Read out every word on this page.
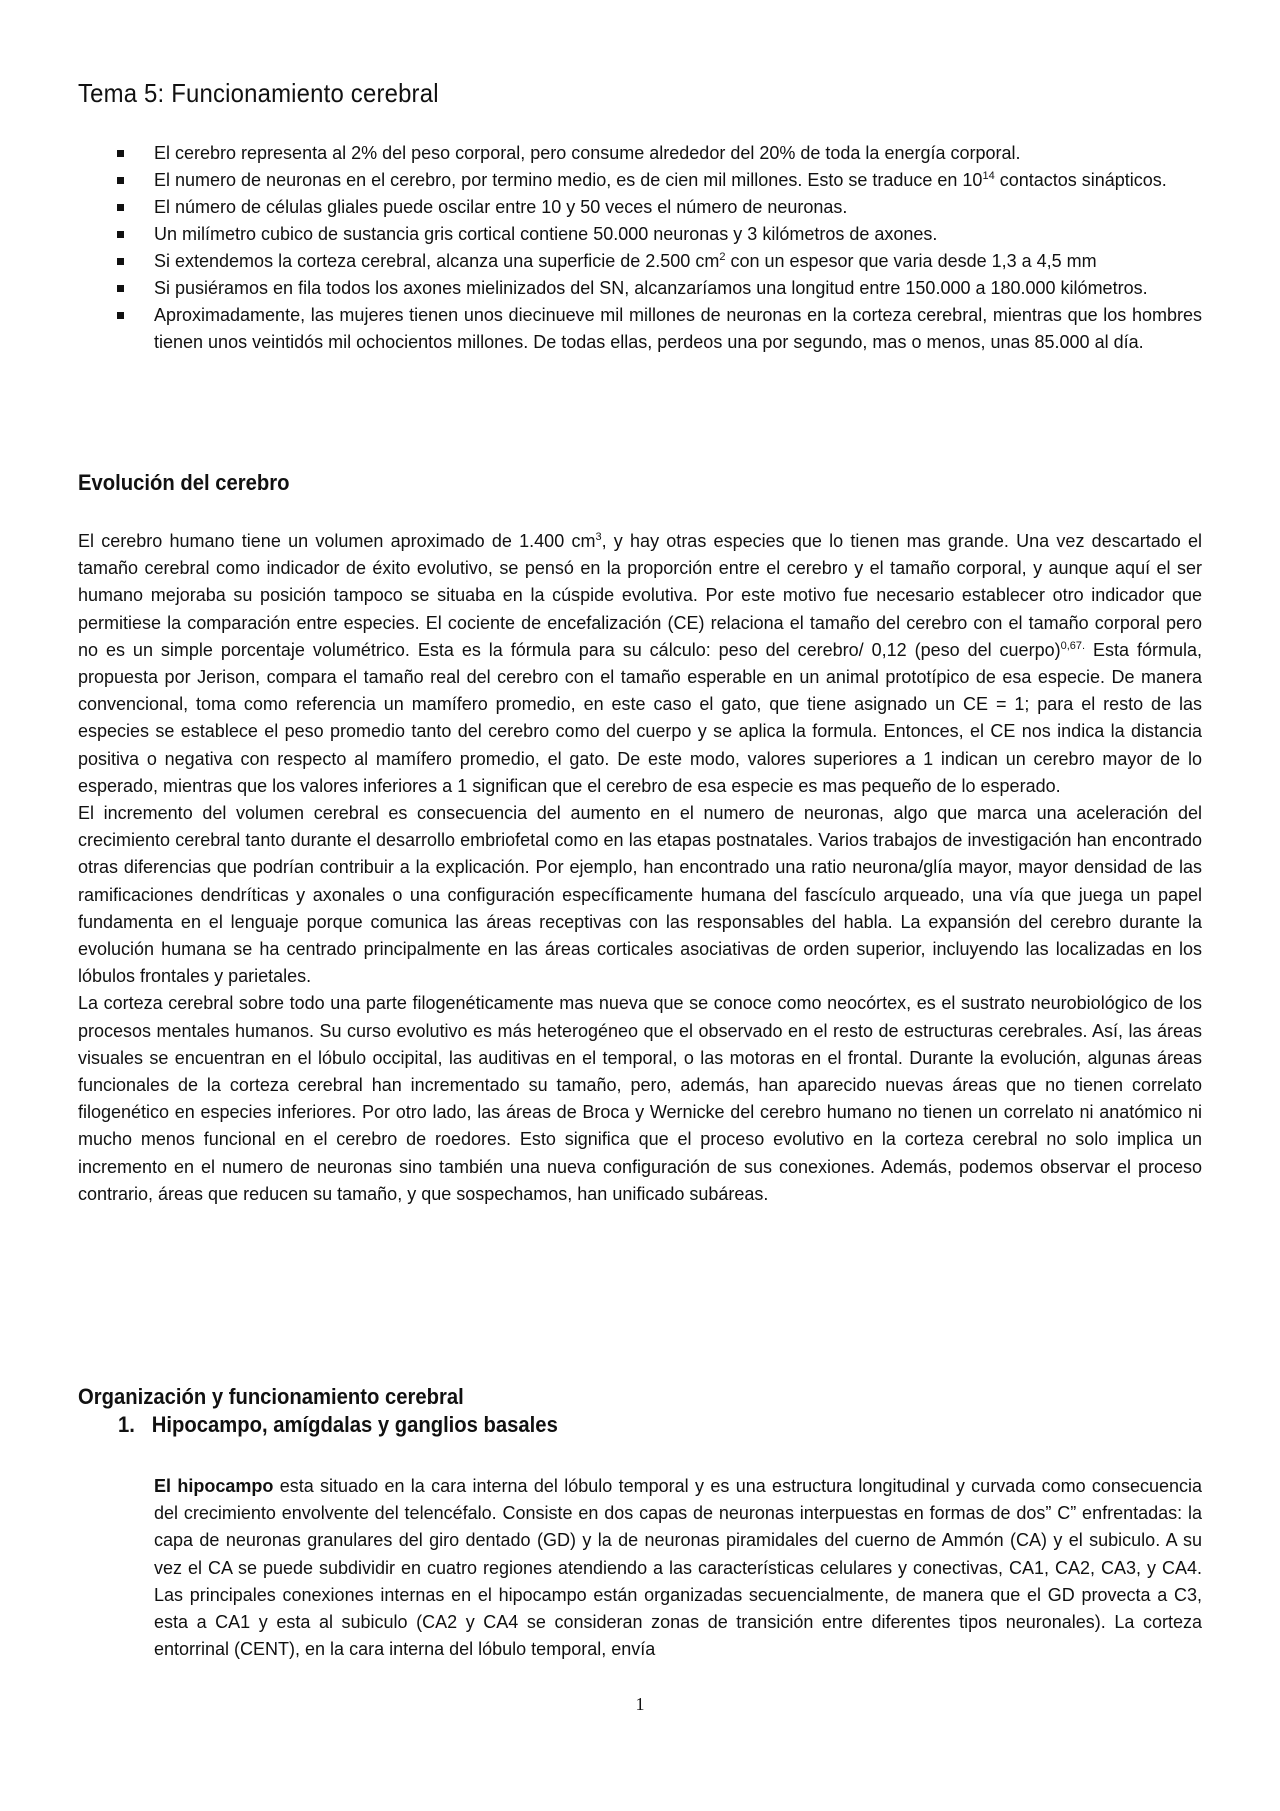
Tema 5: Funcionamiento cerebral
El cerebro representa al 2% del peso corporal, pero consume alrededor del 20% de toda la energía corporal.
El numero de neuronas en el cerebro, por termino medio, es de cien mil millones. Esto se traduce en $10^{14}$ contactos sinápticos.
El número de células gliales puede oscilar entre 10 y 50 veces el número de neuronas.
Un milímetro cubico de sustancia gris cortical contiene 50.000 neuronas y 3 kilómetros de axones.
Si extendemos la corteza cerebral, alcanza una superficie de 2.500 $cm^2$ con un espesor que varia desde 1,3 a 4,5 mm
Si pusiéramos en fila todos los axones mielinizados del SN, alcanzaríamos una longitud entre 150.000 a 180.000 kilómetros.
Aproximadamente, las mujeres tienen unos diecinueve mil millones de neuronas en la corteza cerebral, mientras que los hombres tienen unos veintidós mil ochocientos millones. De todas ellas, perdeos una por segundo, mas o menos, unas 85.000 al día.
Evolución del cerebro

El cerebro humano tiene un volumen aproximado de 1.400 $cm^3$, y hay otras especies que lo tienen mas grande. Una vez descartado el tamaño cerebral como indicador de éxito evolutivo, se pensó en la proporción entre el cerebro y el tamaño corporal, y aunque aquí el ser humano mejoraba su posición tampoco se situaba en la cúspide evolutiva. Por este motivo fue necesario establecer otro indicador que permitiese la comparación entre especies. El cociente de encefalización (CE) relaciona el tamaño del cerebro con el tamaño corporal pero no es un simple porcentaje volumétrico. Esta es la fórmula para su cálculo: peso del cerebro/ 0,12 (peso del cuerpo)$^{0,67.}$ Esta fórmula, propuesta por Jerison, compara el tamaño real del cerebro con el tamaño esperable en un animal prototípico de esa especie. De manera convencional, toma como referencia un mamífero promedio, en este caso el gato, que tiene asignado un CE = 1; para el resto de las especies se establece el peso promedio tanto del cerebro como del cuerpo y se aplica la formula. Entonces, el CE nos indica la distancia positiva o negativa con respecto al mamífero promedio, el gato. De este modo, valores superiores a 1 indican un cerebro mayor de lo esperado, mientras que los valores inferiores a 1 significan que el cerebro de esa especie es mas pequeño de lo esperado.

El incremento del volumen cerebral es consecuencia del aumento en el numero de neuronas, algo que marca una aceleración del crecimiento cerebral tanto durante el desarrollo embriofetal como en las etapas postnatales. Varios trabajos de investigación han encontrado otras diferencias que podrían contribuir a la explicación. Por ejemplo, han encontrado una ratio neurona/glía mayor, mayor densidad de las ramificaciones dendríticas y axonales o una configuración específicamente humana del fascículo arqueado, una vía que juega un papel fundamenta en el lenguaje porque comunica las áreas receptivas con las responsables del habla. La expansión del cerebro durante la evolución humana se ha centrado principalmente en las áreas corticales asociativas de orden superior, incluyendo las localizadas en los lóbulos frontales y parietales.

La corteza cerebral sobre todo una parte filogenéticamente mas nueva que se conoce como neocórtex, es el sustrato neurobiológico de los procesos mentales humanos. Su curso evolutivo es más heterogéneo que el observado en el resto de estructuras cerebrales. Así, las áreas visuales se encuentran en el lóbulo occipital, las auditivas en el temporal, o las motoras en el frontal. Durante la evolución, algunas áreas funcionales de la corteza cerebral han incrementado su tamaño, pero, además, han aparecido nuevas áreas que no tienen correlato filogenético en especies inferiores. Por otro lado, las áreas de Broca y Wernicke del cerebro humano no tienen un correlato ni anatómico ni mucho menos funcional en el cerebro de roedores. Esto significa que el proceso evolutivo en la corteza cerebral no solo implica un incremento en el numero de neuronas sino también una nueva configuración de sus conexiones. Además, podemos observar el proceso contrario, áreas que reducen su tamaño, y que sospechamos, han unificado subáreas.

Organización y funcionamiento cerebral
1. Hipocampo, amígdalas y ganglios basales

El hipocampo esta situado en la cara interna del lóbulo temporal y es una estructura longitudinal y curvada como consecuencia del crecimiento envolvente del telencéfalo. Consiste en dos capas de neuronas interpuestas en formas de dos” C” enfrentadas: la capa de neuronas granulares del giro dentado (GD) y la de neuronas piramidales del cuerno de Ammón (CA) y el subiculo. A su vez el CA se puede subdividir en cuatro regiones atendiendo a las características celulares y conectivas, CA1, CA2, CA3, y CA4. Las principales conexiones internas en el hipocampo están organizadas secuencialmente, de manera que el GD provecta a C3, esta a CA1 y esta al subiculo (CA2 y CA4 se consideran zonas de transición entre diferentes tipos neuronales). La corteza entorrinal (CENT), en la cara interna del lóbulo temporal, envía

1
